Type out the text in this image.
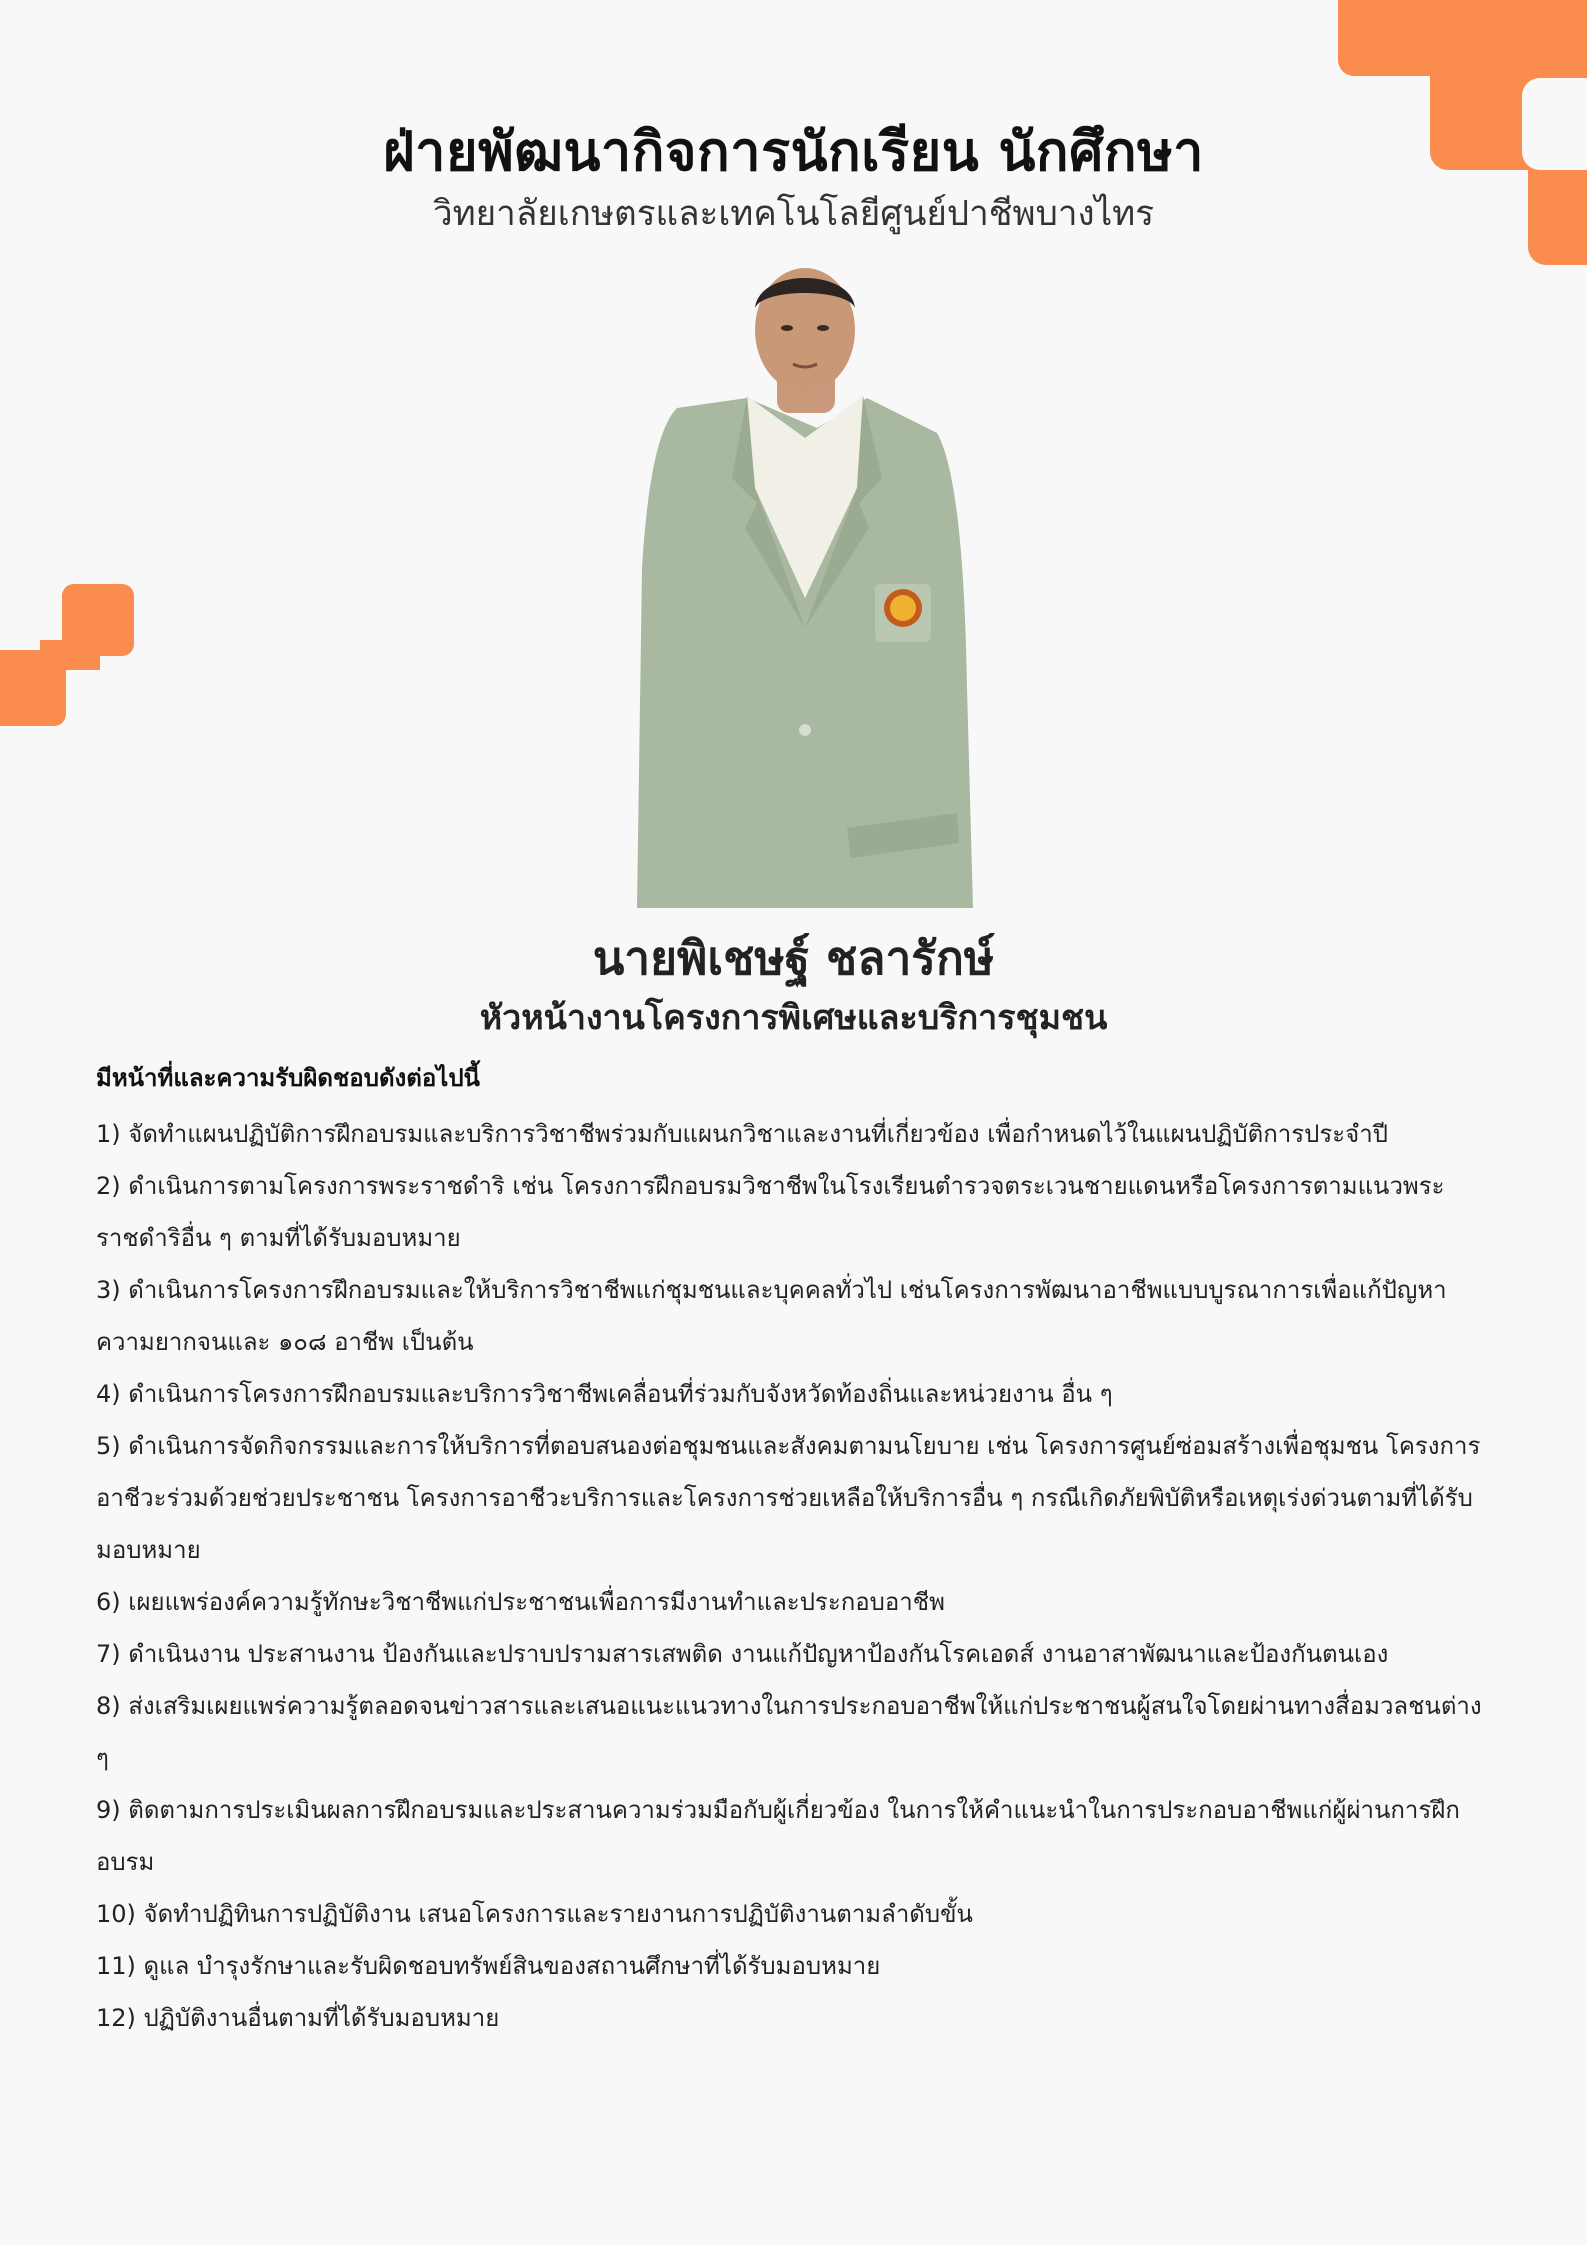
ฝ่ายพัฒนากิจการนักเรียน นักศึกษา
วิทยาลัยเกษตรและเทคโนโลยีศูนย์ปาชีพบางไทร
นายพิเชษฐ์ ชลารักษ์
หัวหน้างานโครงการพิเศษและบริการชุมชน
มีหน้าที่และความรับผิดชอบดังต่อไปนี้

1) จัดทำแผนปฏิบัติการฝึกอบรมและบริการวิชาชีพร่วมกับแผนกวิชาและงานที่เกี่ยวข้อง เพื่อกำหนดไว้ในแผนปฏิบัติการประจำปี

2) ดำเนินการตามโครงการพระราชดำริ เช่น โครงการฝึกอบรมวิชาชีพในโรงเรียนตำรวจตระเวนชายแดนหรือโครงการตามแนวพระราชดำริอื่น ๆ ตามที่ได้รับมอบหมาย

3) ดำเนินการโครงการฝึกอบรมและให้บริการวิชาชีพแก่ชุมชนและบุคคลทั่วไป เช่นโครงการพัฒนาอาชีพแบบบูรณาการเพื่อแก้ปัญหาความยากจนและ ๑๐๘ อาชีพ เป็นต้น

4) ดำเนินการโครงการฝึกอบรมและบริการวิชาชีพเคลื่อนที่ร่วมกับจังหวัดท้องถิ่นและหน่วยงาน อื่น ๆ

5) ดำเนินการจัดกิจกรรมและการให้บริการที่ตอบสนองต่อชุมชนและสังคมตามนโยบาย เช่น โครงการศูนย์ซ่อมสร้างเพื่อชุมชน โครงการอาชีวะร่วมด้วยช่วยประชาชน โครงการอาชีวะบริการและโครงการช่วยเหลือให้บริการอื่น ๆ กรณีเกิดภัยพิบัติหรือเหตุเร่งด่วนตามที่ได้รับมอบหมาย

6) เผยแพร่องค์ความรู้ทักษะวิชาชีพแก่ประชาชนเพื่อการมีงานทำและประกอบอาชีพ

7) ดำเนินงาน ประสานงาน ป้องกันและปราบปรามสารเสพติด งานแก้ปัญหาป้องกันโรคเอดส์ งานอาสาพัฒนาและป้องกันตนเอง

8) ส่งเสริมเผยแพร่ความรู้ตลอดจนข่าวสารและเสนอแนะแนวทางในการประกอบอาชีพให้แก่ประชาชนผู้สนใจโดยผ่านทางสื่อมวลชนต่าง ๆ

9) ติดตามการประเมินผลการฝึกอบรมและประสานความร่วมมือกับผู้เกี่ยวข้อง ในการให้คำแนะนำในการประกอบอาชีพแก่ผู้ผ่านการฝึกอบรม

10) จัดทำปฏิทินการปฏิบัติงาน เสนอโครงการและรายงานการปฏิบัติงานตามลำดับขั้น

11) ดูแล บำรุงรักษาและรับผิดชอบทรัพย์สินของสถานศึกษาที่ได้รับมอบหมาย

12) ปฏิบัติงานอื่นตามที่ได้รับมอบหมาย
